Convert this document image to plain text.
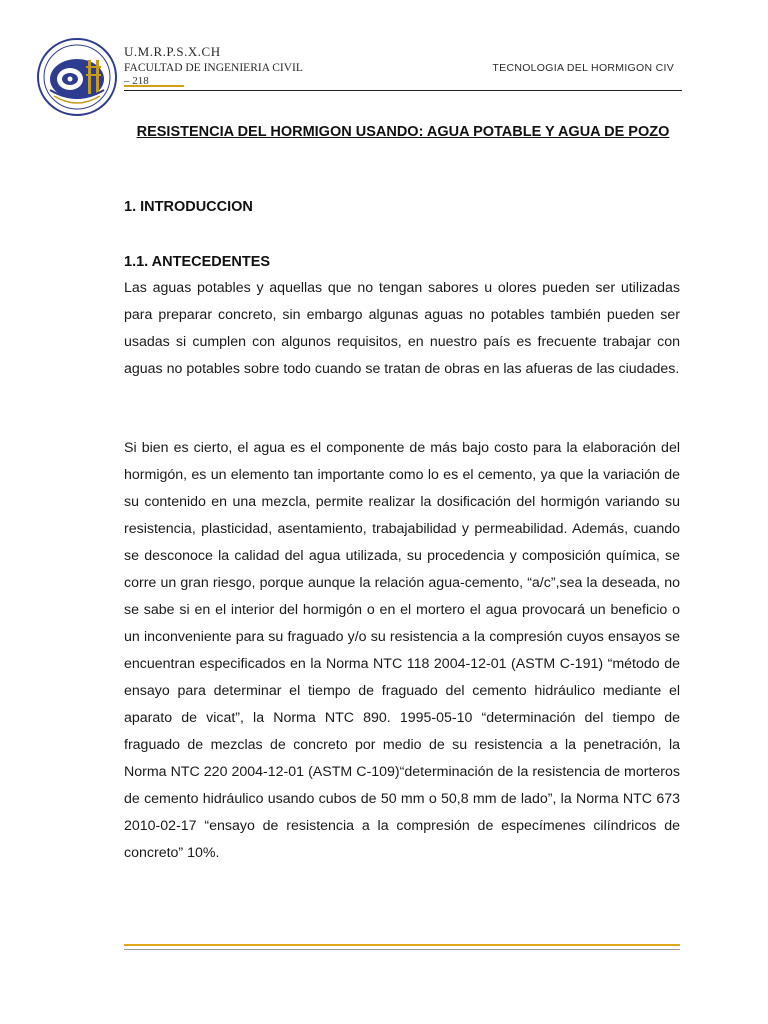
U.M.R.P.S.X.CH
FACULTAD DE INGENIERIA CIVIL
– 218
TECNOLOGIA DEL HORMIGON CIV
RESISTENCIA DEL HORMIGON USANDO: AGUA POTABLE Y AGUA DE POZO
1. INTRODUCCION
1.1. ANTECEDENTES
Las aguas potables y aquellas que no tengan sabores u olores pueden ser utilizadas para preparar concreto, sin embargo algunas aguas no potables también pueden ser usadas si cumplen con algunos requisitos, en nuestro país es frecuente trabajar con aguas no potables sobre todo cuando se tratan de obras en las afueras de las ciudades.
Si bien es cierto, el agua es el componente de más bajo costo para la elaboración del hormigón, es un elemento tan importante como lo es el cemento, ya que la variación de su contenido en una mezcla, permite realizar la dosificación del hormigón variando su resistencia, plasticidad, asentamiento, trabajabilidad y permeabilidad. Además, cuando se desconoce la calidad del agua utilizada, su procedencia y composición química, se corre un gran riesgo, porque aunque la relación agua-cemento, “a/c”,sea la deseada, no se sabe si en el interior del hormigón o en el mortero el agua provocará un beneficio o un inconveniente para su fraguado y/o su resistencia a la compresión cuyos ensayos se encuentran especificados en la Norma NTC 118 2004-12-01 (ASTM C-191) “método de ensayo para determinar el tiempo de fraguado del cemento hidráulico mediante el aparato de vicat”, la Norma NTC 890. 1995-05-10 “determinación del tiempo de fraguado de mezclas de concreto por medio de su resistencia a la penetración, la Norma NTC 220 2004-12-01 (ASTM C-109)“determinación de la resistencia de morteros de cemento hidráulico usando cubos de 50 mm o 50,8 mm de lado”, la Norma NTC 673 2010-02-17 “ensayo de resistencia a la compresión de especímenes cilíndricos de concreto” 10%.
